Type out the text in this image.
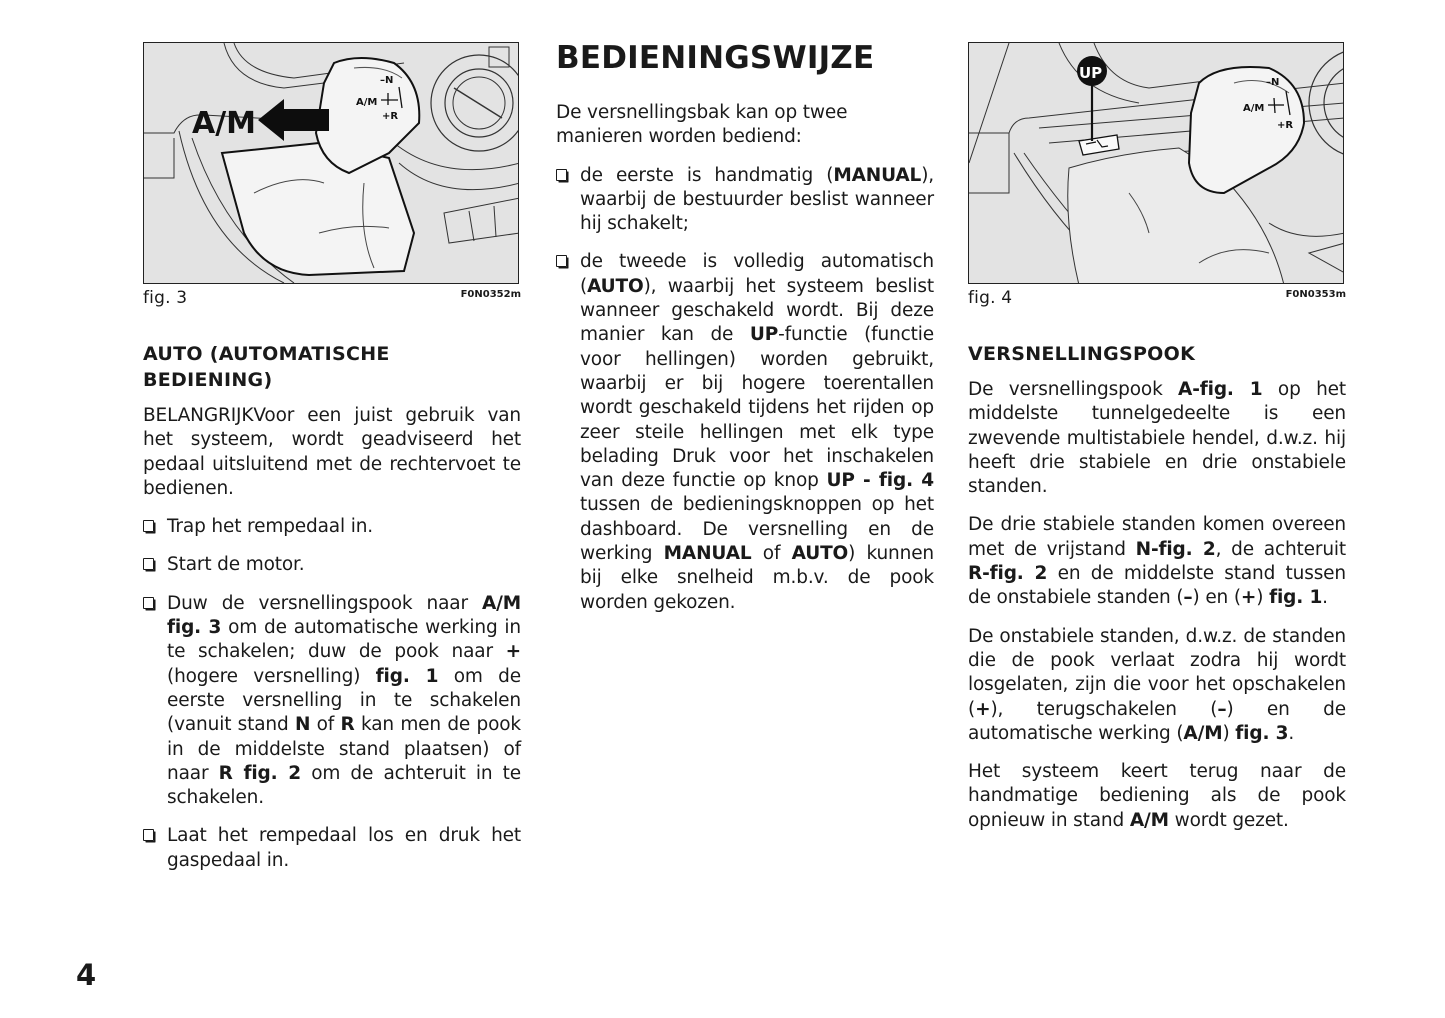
A/M
–N
A/M
+R
fig. 3	F0N0352m
AUTO (AUTOMATISCHE
BEDIENING)

BELANGRIJKVoor een juist gebruik van het systeem, wordt geadviseerd het pedaal uitsluitend met de rechtervoet te bedienen.

Trap het rempedaal in.
Start de motor.
Duw de versnellingspook naar A/M fig. 3 om de automatische werking in te schakelen; duw de pook naar + (hogere versnelling) fig. 1 om de eerste versnelling in te schakelen (vanuit stand N of R kan men de pook in de middelste stand plaatsen) of naar R fig. 2 om de achteruit in te schakelen.
Laat het rempedaal los en druk het gaspedaal in.
BEDIENINGSWIJZE

De versnellingsbak kan op twee manieren worden bediend:

de eerste is handmatig (MANUAL), waarbij de bestuurder beslist wanneer hij schakelt;
de tweede is volledig automatisch (AUTO), waarbij het systeem beslist wanneer geschakeld wordt. Bij deze manier kan de UP-functie (functie voor hellingen) worden gebruikt, waarbij er bij hogere toerentallen wordt geschakeld tijdens het rijden op zeer steile hellingen met elk type belading Druk voor het inschakelen van deze functie op knop UP - fig. 4 tussen de bedieningsknoppen op het dashboard. De versnelling en de werking MANUAL of AUTO) kunnen bij elke snelheid m.b.v. de pook worden gekozen.
UP
–N
A/M
+R
fig. 4	F0N0353m
VERSNELLINGSPOOK

De versnellingspook A-fig. 1 op het middelste tunnelgedeelte is een zwevende multistabiele hendel, d.w.z. hij heeft drie stabiele en drie onstabiele standen.

De drie stabiele standen komen overeen met de vrijstand N-fig. 2, de achteruit R-fig. 2 en de middelste stand tussen de onstabiele standen (–) en (+) fig. 1.

De onstabiele standen, d.w.z. de standen die de pook verlaat zodra hij wordt losgelaten, zijn die voor het opschakelen (+), terugschakelen (–) en de automatische werking (A/M) fig. 3.

Het systeem keert terug naar de handmatige bediening als de pook opnieuw in stand A/M wordt gezet.

4
